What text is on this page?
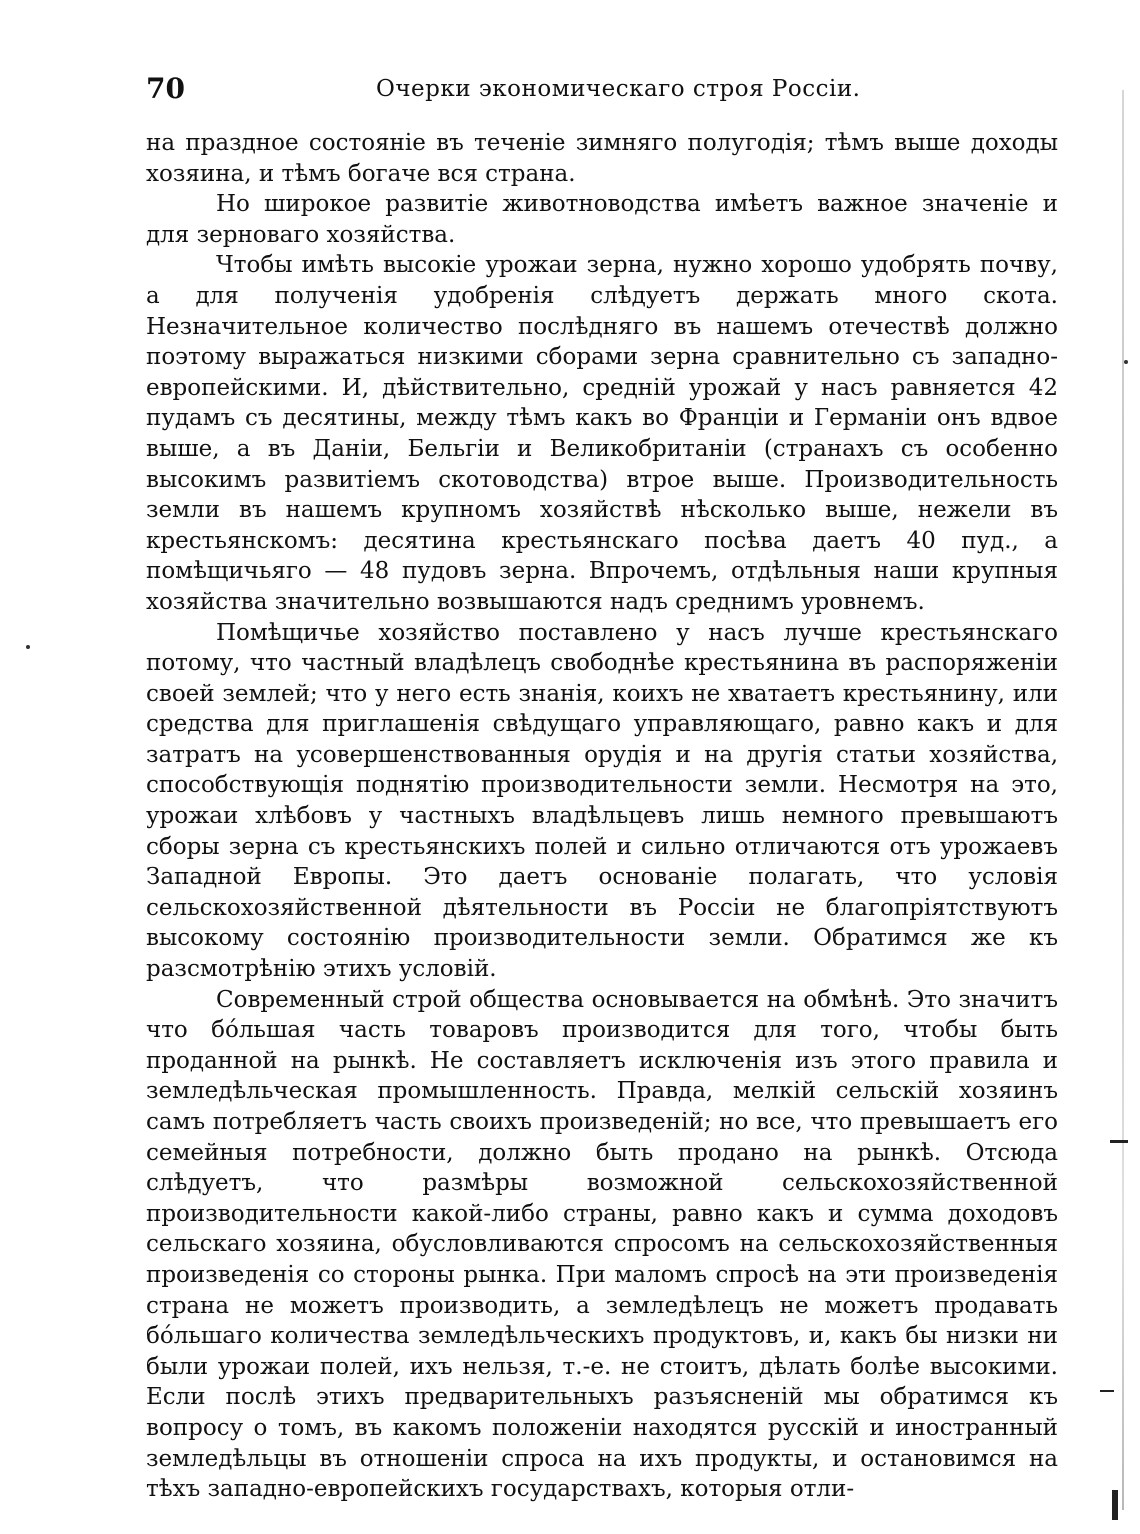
70	Очерки экономическаго строя Россіи.

на праздное состояніе въ теченіе зимняго полугодія; тѣмъ выше доходы хозяина, и тѣмъ богаче вся страна.

Но широкое развитіе животноводства имѣетъ важное значеніе и для зерноваго хозяйства.

Чтобы имѣть высокіе урожаи зерна, нужно хорошо удобрять почву, а для полученія удобренія слѣдуетъ держать много скота. Незначительное количество послѣдняго въ нашемъ отечествѣ должно поэтому выражаться низкими сборами зерна сравнительно съ западно-европейскими. И, дѣйствительно, средній урожай у насъ равняется 42 пудамъ съ десятины, между тѣмъ какъ во Франціи и Германіи онъ вдвое выше, а въ Даніи, Бельгіи и Великобританіи (странахъ съ особенно высокимъ развитіемъ скотоводства) втрое выше. Производительность земли въ нашемъ крупномъ хозяйствѣ нѣсколько выше, нежели въ крестьянскомъ: десятина крестьянскаго посѣва даетъ 40 пуд., а помѣщичьяго — 48 пудовъ зерна. Впрочемъ, отдѣльныя наши крупныя хозяйства значительно возвышаются надъ среднимъ уровнемъ.

Помѣщичье хозяйство поставлено у насъ лучше крестьянскаго потому, что частный владѣлецъ свободнѣе крестьянина въ распоряженіи своей землей; что у него есть знанія, коихъ не хватаетъ крестьянину, или средства для приглашенія свѣдущаго управляющаго, равно какъ и для затратъ на усовершенствованныя орудія и на другія статьи хозяйства, способствующія поднятію производительности земли. Несмотря на это, урожаи хлѣбовъ у частныхъ владѣльцевъ лишь немного превышаютъ сборы зерна съ крестьянскихъ полей и сильно отличаются отъ урожаевъ Западной Европы. Это даетъ основаніе полагать, что условія сельскохозяйственной дѣятельности въ Россіи не благопріятствуютъ высокому состоянію производительности земли. Обратимся же къ разсмотрѣнію этихъ условій.

Современный строй общества основывается на обмѣнѣ. Это значитъ что бо́льшая часть товаровъ производится для того, чтобы быть проданной на рынкѣ. Не составляетъ исключенія изъ этого правила и земледѣльческая промышленность. Правда, мелкій сельскій хозяинъ самъ потребляетъ часть своихъ произведеній; но все, что превышаетъ его семейныя потребности, должно быть продано на рынкѣ. Отсюда слѣдуетъ, что размѣры возможной сельскохозяйственной производительности какой-либо страны, равно какъ и сумма доходовъ сельскаго хозяина, обусловливаются спросомъ на сельскохозяйственныя произведенія со стороны рынка. При маломъ спросѣ на эти произведенія страна не можетъ производить, а земледѣлецъ не можетъ продавать бо́льшаго количества земледѣльческихъ продуктовъ, и, какъ бы низки ни были урожаи полей, ихъ нельзя, т.-е. не стоитъ, дѣлать болѣе высокими. Если послѣ этихъ предварительныхъ разъясненій мы обратимся къ вопросу о томъ, въ какомъ положеніи находятся русскій и иностранный земледѣльцы въ отношеніи спроса на ихъ продукты, и остановимся на тѣхъ западно-европейскихъ государствахъ, которыя отли-
